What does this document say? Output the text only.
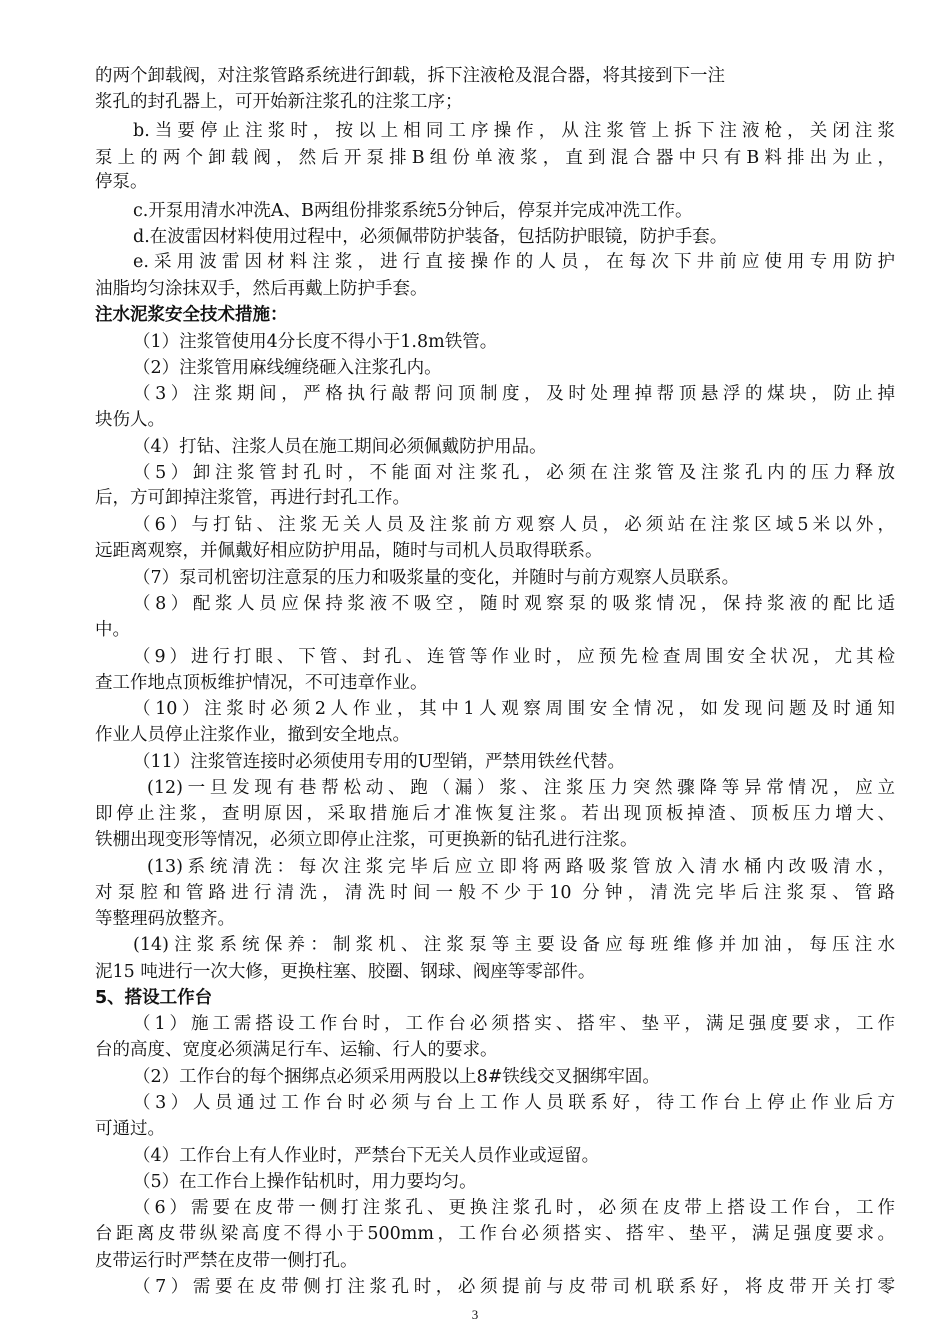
的两个卸载阀，对注浆管路系统进行卸载，拆下注液枪及混合器，将其接到下一注
浆孔的封孔器上，可开始新注浆孔的注浆工序；
b.当要停止注浆时，按以上相同工序操作，从注浆管上拆下注液枪，关闭注浆
泵上的两个卸载阀，然后开泵排B组份单液浆，直到混合器中只有B料排出为止，
停泵。
c.开泵用清水冲洗A、B两组份排浆系统5分钟后，停泵并完成冲洗工作。
d.在波雷因材料使用过程中，必须佩带防护装备，包括防护眼镜，防护手套。
e.采用波雷因材料注浆，进行直接操作的人员，在每次下井前应使用专用防护
油脂均匀涂抹双手，然后再戴上防护手套。
注水泥浆安全技术措施：
（1）注浆管使用4分长度不得小于1.8m铁管。
（2）注浆管用麻线缠绕砸入注浆孔内。
（3）注浆期间，严格执行敲帮问顶制度，及时处理掉帮顶悬浮的煤块，防止掉
块伤人。
（4）打钻、注浆人员在施工期间必须佩戴防护用品。
（5）卸注浆管封孔时，不能面对注浆孔，必须在注浆管及注浆孔内的压力释放
后，方可卸掉注浆管，再进行封孔工作。
（6）与打钻、注浆无关人员及注浆前方观察人员，必须站在注浆区域5米以外，
远距离观察，并佩戴好相应防护用品，随时与司机人员取得联系。
（7）泵司机密切注意泵的压力和吸浆量的变化，并随时与前方观察人员联系。
（8）配浆人员应保持浆液不吸空，随时观察泵的吸浆情况，保持浆液的配比适
中。
（9）进行打眼、下管、封孔、连管等作业时，应预先检查周围安全状况，尤其检
查工作地点顶板维护情况，不可违章作业。
（10）注浆时必须2人作业，其中1人观察周围安全情况，如发现问题及时通知
作业人员停止注浆作业，撤到安全地点。
（11）注浆管连接时必须使用专用的U型销，严禁用铁丝代替。
(12)一旦发现有巷帮松动、跑（漏）浆、注浆压力突然骤降等异常情况，应立
即停止注浆，查明原因，采取措施后才准恢复注浆。若出现顶板掉渣、顶板压力增大、
铁棚出现变形等情况，必须立即停止注浆，可更换新的钻孔进行注浆。
(13)系统清洗：每次注浆完毕后应立即将两路吸浆管放入清水桶内改吸清水，
对泵腔和管路进行清洗，清洗时间一般不少于10 分钟，清洗完毕后注浆泵、管路
等整理码放整齐。
(14)注浆系统保养：制浆机、注浆泵等主要设备应每班维修并加油，每压注水
泥15 吨进行一次大修，更换柱塞、胶圈、钢球、阀座等零部件。
5、搭设工作台
（1）施工需搭设工作台时，工作台必须搭实、搭牢、垫平，满足强度要求，工作
台的高度、宽度必须满足行车、运输、行人的要求。
（2）工作台的每个捆绑点必须采用两股以上8#铁线交叉捆绑牢固。
（3）人员通过工作台时必须与台上工作人员联系好，待工作台上停止作业后方
可通过。
（4）工作台上有人作业时，严禁台下无关人员作业或逗留。
（5）在工作台上操作钻机时，用力要均匀。
（6）需要在皮带一侧打注浆孔、更换注浆孔时，必须在皮带上搭设工作台，工作
台距离皮带纵梁高度不得小于500mm，工作台必须搭实、搭牢、垫平，满足强度要求。
皮带运行时严禁在皮带一侧打孔。
（7）需要在皮带侧打注浆孔时，必须提前与皮带司机联系好，将皮带开关打零
3
